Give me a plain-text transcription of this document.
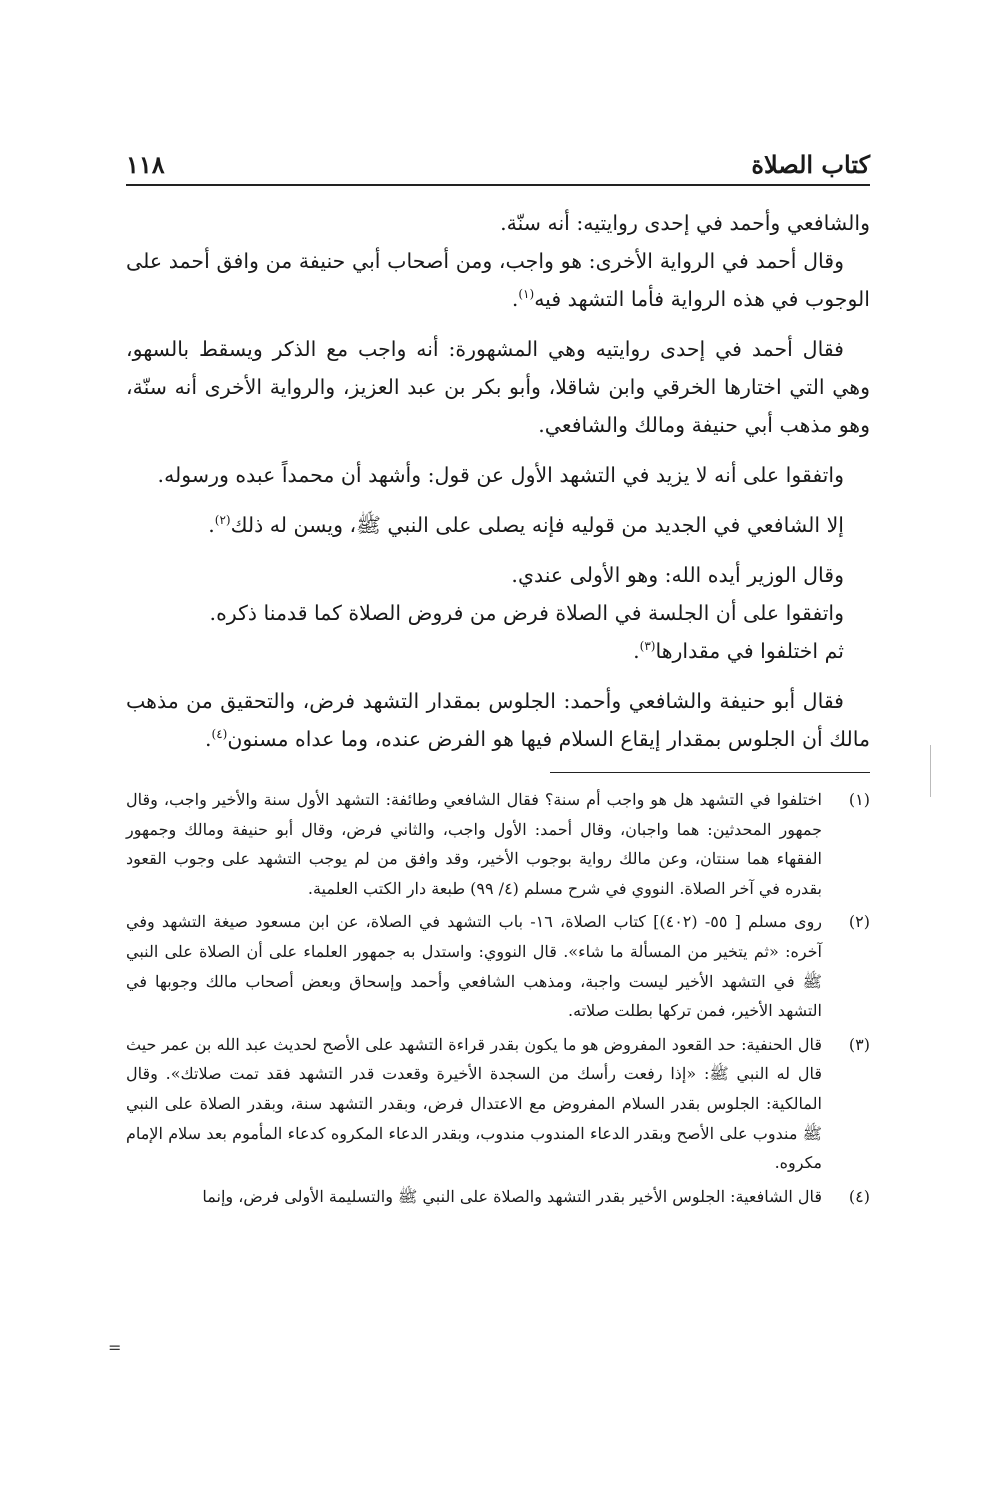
١١٨	كتاب الصلاة

والشافعي وأحمد في إحدى روايتيه: أنه سنّة.

وقال أحمد في الرواية الأخرى: هو واجب، ومن أصحاب أبي حنيفة من وافق أحمد على الوجوب في هذه الرواية فأما التشهد فيه$^{(١)}$.

فقال أحمد في إحدى روايتيه وهي المشهورة: أنه واجب مع الذكر ويسقط بالسهو، وهي التي اختارها الخرقي وابن شاقلا، وأبو بكر بن عبد العزيز، والرواية الأخرى أنه سنّة، وهو مذهب أبي حنيفة ومالك والشافعي.

واتفقوا على أنه لا يزيد في التشهد الأول عن قول: وأشهد أن محمداً عبده ورسوله.

إلا الشافعي في الجديد من قوليه فإنه يصلى على النبي ﷺ، ويسن له ذلك$^{(٢)}$.

وقال الوزير أيده الله: وهو الأولى عندي.

واتفقوا على أن الجلسة في الصلاة فرض من فروض الصلاة كما قدمنا ذكره.

ثم اختلفوا في مقدارها$^{(٣)}$.

فقال أبو حنيفة والشافعي وأحمد: الجلوس بمقدار التشهد فرض، والتحقيق من مذهب مالك أن الجلوس بمقدار إيقاع السلام فيها هو الفرض عنده، وما عداه مسنون$^{(٤)}$.

(١)
اختلفوا في التشهد هل هو واجب أم سنة؟ فقال الشافعي وطائفة: التشهد الأول سنة والأخير واجب، وقال جمهور المحدثين: هما واجبان، وقال أحمد: الأول واجب، والثاني فرض، وقال أبو حنيفة ومالك وجمهور الفقهاء هما سنتان، وعن مالك رواية بوجوب الأخير، وقد وافق من لم يوجب التشهد على وجوب القعود بقدره في آخر الصلاة. النووي في شرح مسلم (٤/ ٩٩) طبعة دار الكتب العلمية.
(٢)
روى مسلم [ ٥٥- (٤٠٢)] كتاب الصلاة، ١٦- باب التشهد في الصلاة، عن ابن مسعود صيغة التشهد وفي آخره: «ثم يتخير من المسألة ما شاء». قال النووي: واستدل به جمهور العلماء على أن الصلاة على النبي ﷺ في التشهد الأخير ليست واجبة، ومذهب الشافعي وأحمد وإسحاق وبعض أصحاب مالك وجوبها في التشهد الأخير، فمن تركها بطلت صلاته.
(٣)
قال الحنفية: حد القعود المفروض هو ما يكون بقدر قراءة التشهد على الأصح لحديث عبد الله بن عمر حيث قال له النبي ﷺ: «إذا رفعت رأسك من السجدة الأخيرة وقعدت قدر التشهد فقد تمت صلاتك». وقال المالكية: الجلوس بقدر السلام المفروض مع الاعتدال فرض، وبقدر التشهد سنة، وبقدر الصلاة على النبي ﷺ مندوب على الأصح وبقدر الدعاء المندوب مندوب، وبقدر الدعاء المكروه كدعاء المأموم بعد سلام الإمام مكروه.
(٤)
قال الشافعية: الجلوس الأخير بقدر التشهد والصلاة على النبي ﷺ والتسليمة الأولى فرض، وإنما
=
